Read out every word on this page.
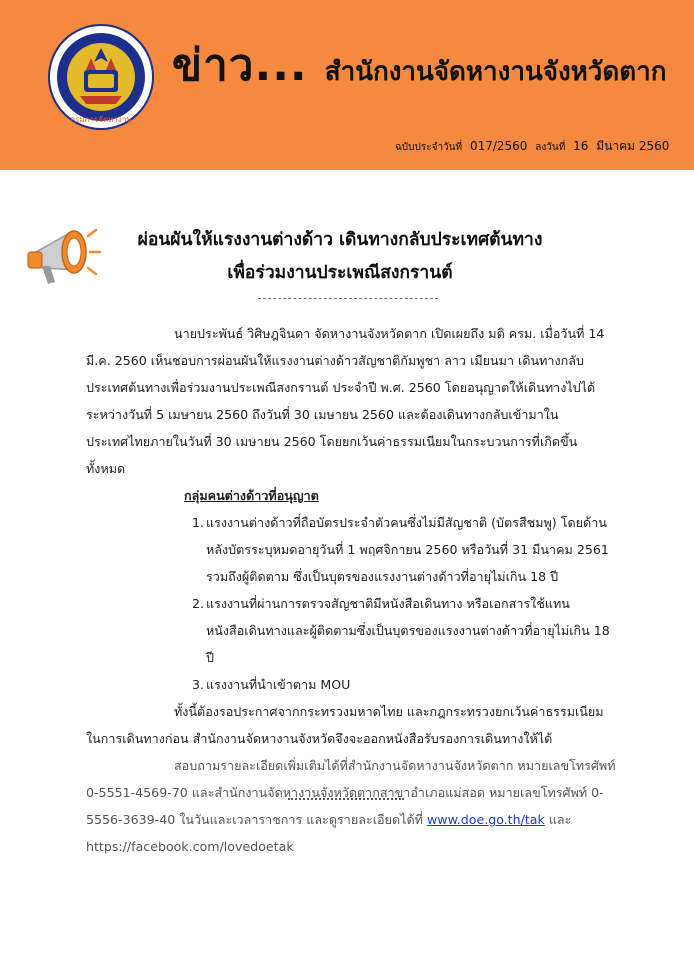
กรมการจัดหางาน
ข่าว... สำนักงานจัดหางานจังหวัดตาก
ฉบับประจำวันที่ 017/2560 ลงวันที่ 16 มีนาคม 2560
ผ่อนผันให้แรงงานต่างด้าว เดินทางกลับประเทศต้นทาง
เพื่อร่วมงานประเพณีสงกรานต์

นายประพันธ์ วิศิษฎจินดา จัดหางานจังหวัดตาก เปิดเผยถึง มติ ครม. เมื่อวันที่ 14 มี.ค. 2560 เห็นชอบการผ่อนผันให้แรงงานต่างด้าวสัญชาติกัมพูชา ลาว เมียนมา เดินทางกลับประเทศต้นทางเพื่อร่วมงานประเพณีสงกรานต์ ประจำปี พ.ศ. 2560 โดยอนุญาตให้เดินทางไปได้ระหว่างวันที่ 5 เมษายน 2560 ถึงวันที่ 30 เมษายน 2560 และต้องเดินทางกลับเข้ามาในประเทศไทยภายในวันที่ 30 เมษายน 2560 โดยยกเว้นค่าธรรมเนียมในกระบวนการที่เกิดขึ้นทั้งหมด

กลุ่มคนต่างด้าวที่อนุญาต

1. แรงงานต่างด้าวที่ถือบัตรประจำตัวคนซึ่งไม่มีสัญชาติ (บัตรสีชมพู) โดยด้านหลังบัตรระบุหมดอายุวันที่ 1 พฤศจิกายน 2560 หรือวันที่ 31 มีนาคม 2561 รวมถึงผู้ติดตาม ซึ่งเป็นบุตรของแรงงานต่างด้าวที่อายุไม่เกิน 18 ปี
2. แรงงานที่ผ่านการตรวจสัญชาติมีหนังสือเดินทาง หรือเอกสารใช้แทนหนังสือเดินทางและผู้ติดตามซึ่งเป็นบุตรของแรงงานต่างด้าวที่อายุไม่เกิน 18 ปี
3. แรงงานที่นำเข้าตาม MOU

ทั้งนี้ต้องรอประกาศจากกระทรวงมหาดไทย และกฎกระทรวงยกเว้นค่าธรรมเนียมในการเดินทางก่อน สำนักงานจัดหางานจังหวัดจึงจะออกหนังสือรับรองการเดินทางให้ได้

สอบถามรายละเอียดเพิ่มเติมได้ที่สำนักงานจัดหางานจังหวัดตาก หมายเลขโทรศัพท์ 0-5551-4569-70 และสำนักงานจัดหางานจังหวัดตากสาขาอำเภอแม่สอด หมายเลขโทรศัพท์ 0-5556-3639-40 ในวันและเวลาราชการ และดูรายละเอียดได้ที่ www.doe.go.th/tak และ https://facebook.com/lovedoetak
